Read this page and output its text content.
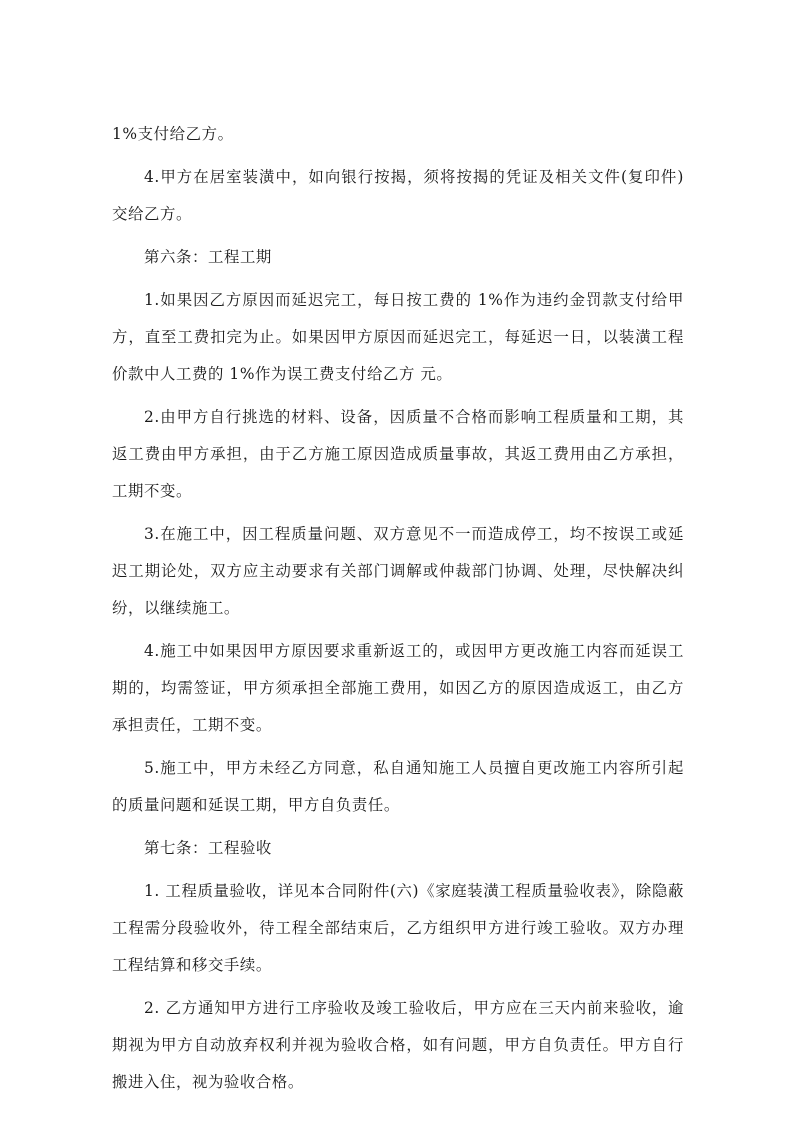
1%支付给乙方。

4.甲方在居室装潢中，如向银行按揭，须将按揭的凭证及相关文件(复印件)交给乙方。

第六条：工程工期

1.如果因乙方原因而延迟完工，每日按工费的 1%作为违约金罚款支付给甲方，直至工费扣完为止。如果因甲方原因而延迟完工，每延迟一日，以装潢工程价款中人工费的 1%作为误工费支付给乙方 元。

2.由甲方自行挑选的材料、设备，因质量不合格而影响工程质量和工期，其返工费由甲方承担，由于乙方施工原因造成质量事故，其返工费用由乙方承担，工期不变。

3.在施工中，因工程质量问题、双方意见不一而造成停工，均不按误工或延迟工期论处，双方应主动要求有关部门调解或仲裁部门协调、处理，尽快解决纠纷，以继续施工。

4.施工中如果因甲方原因要求重新返工的，或因甲方更改施工内容而延误工期的，均需签证，甲方须承担全部施工费用，如因乙方的原因造成返工，由乙方承担责任，工期不变。

5.施工中，甲方未经乙方同意，私自通知施工人员擅自更改施工内容所引起的质量问题和延误工期，甲方自负责任。

第七条：工程验收

1. 工程质量验收，详见本合同附件(六)《家庭装潢工程质量验收表》，除隐蔽工程需分段验收外，待工程全部结束后，乙方组织甲方进行竣工验收。双方办理工程结算和移交手续。

2. 乙方通知甲方进行工序验收及竣工验收后，甲方应在三天内前来验收，逾期视为甲方自动放弃权利并视为验收合格，如有问题，甲方自负责任。甲方自行搬进入住，视为验收合格。
